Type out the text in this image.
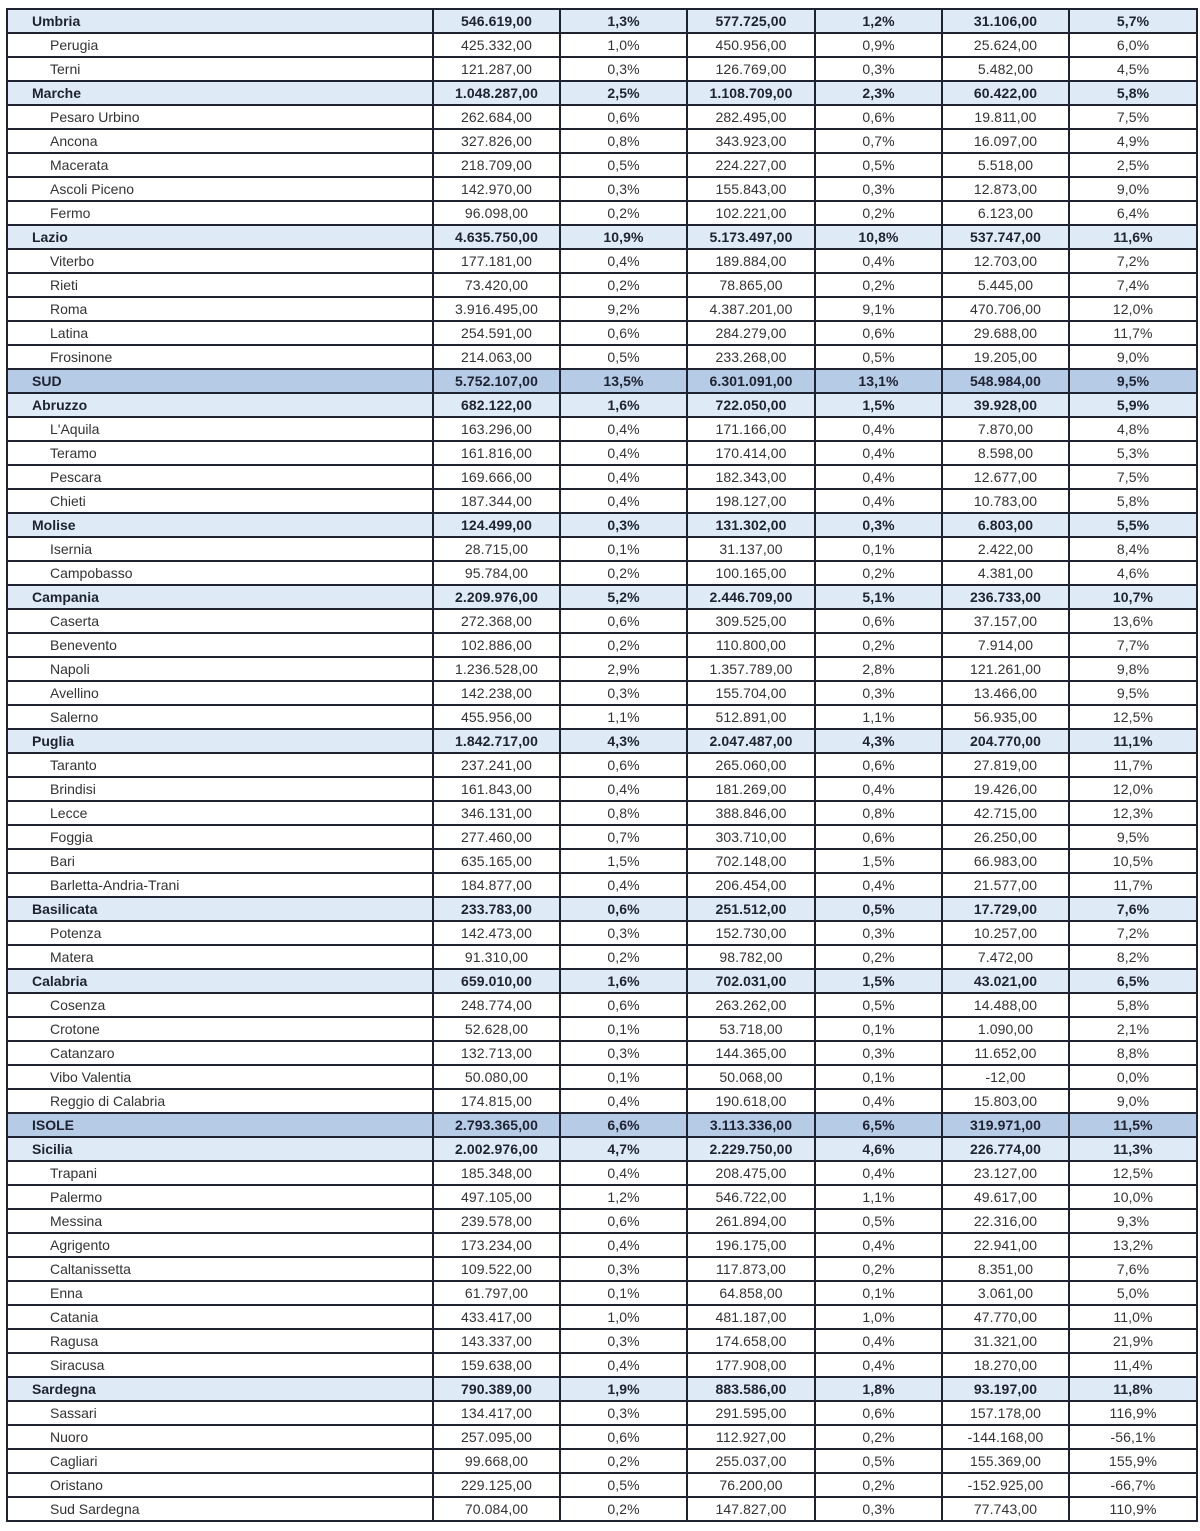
Umbria	546.619,00	1,3%	577.725,00	1,2%	31.106,00	5,7%
Perugia	425.332,00	1,0%	450.956,00	0,9%	25.624,00	6,0%
Terni	121.287,00	0,3%	126.769,00	0,3%	5.482,00	4,5%
Marche	1.048.287,00	2,5%	1.108.709,00	2,3%	60.422,00	5,8%
Pesaro Urbino	262.684,00	0,6%	282.495,00	0,6%	19.811,00	7,5%
Ancona	327.826,00	0,8%	343.923,00	0,7%	16.097,00	4,9%
Macerata	218.709,00	0,5%	224.227,00	0,5%	5.518,00	2,5%
Ascoli Piceno	142.970,00	0,3%	155.843,00	0,3%	12.873,00	9,0%
Fermo	96.098,00	0,2%	102.221,00	0,2%	6.123,00	6,4%
Lazio	4.635.750,00	10,9%	5.173.497,00	10,8%	537.747,00	11,6%
Viterbo	177.181,00	0,4%	189.884,00	0,4%	12.703,00	7,2%
Rieti	73.420,00	0,2%	78.865,00	0,2%	5.445,00	7,4%
Roma	3.916.495,00	9,2%	4.387.201,00	9,1%	470.706,00	12,0%
Latina	254.591,00	0,6%	284.279,00	0,6%	29.688,00	11,7%
Frosinone	214.063,00	0,5%	233.268,00	0,5%	19.205,00	9,0%
SUD	5.752.107,00	13,5%	6.301.091,00	13,1%	548.984,00	9,5%
Abruzzo	682.122,00	1,6%	722.050,00	1,5%	39.928,00	5,9%
L'Aquila	163.296,00	0,4%	171.166,00	0,4%	7.870,00	4,8%
Teramo	161.816,00	0,4%	170.414,00	0,4%	8.598,00	5,3%
Pescara	169.666,00	0,4%	182.343,00	0,4%	12.677,00	7,5%
Chieti	187.344,00	0,4%	198.127,00	0,4%	10.783,00	5,8%
Molise	124.499,00	0,3%	131.302,00	0,3%	6.803,00	5,5%
Isernia	28.715,00	0,1%	31.137,00	0,1%	2.422,00	8,4%
Campobasso	95.784,00	0,2%	100.165,00	0,2%	4.381,00	4,6%
Campania	2.209.976,00	5,2%	2.446.709,00	5,1%	236.733,00	10,7%
Caserta	272.368,00	0,6%	309.525,00	0,6%	37.157,00	13,6%
Benevento	102.886,00	0,2%	110.800,00	0,2%	7.914,00	7,7%
Napoli	1.236.528,00	2,9%	1.357.789,00	2,8%	121.261,00	9,8%
Avellino	142.238,00	0,3%	155.704,00	0,3%	13.466,00	9,5%
Salerno	455.956,00	1,1%	512.891,00	1,1%	56.935,00	12,5%
Puglia	1.842.717,00	4,3%	2.047.487,00	4,3%	204.770,00	11,1%
Taranto	237.241,00	0,6%	265.060,00	0,6%	27.819,00	11,7%
Brindisi	161.843,00	0,4%	181.269,00	0,4%	19.426,00	12,0%
Lecce	346.131,00	0,8%	388.846,00	0,8%	42.715,00	12,3%
Foggia	277.460,00	0,7%	303.710,00	0,6%	26.250,00	9,5%
Bari	635.165,00	1,5%	702.148,00	1,5%	66.983,00	10,5%
Barletta-Andria-Trani	184.877,00	0,4%	206.454,00	0,4%	21.577,00	11,7%
Basilicata	233.783,00	0,6%	251.512,00	0,5%	17.729,00	7,6%
Potenza	142.473,00	0,3%	152.730,00	0,3%	10.257,00	7,2%
Matera	91.310,00	0,2%	98.782,00	0,2%	7.472,00	8,2%
Calabria	659.010,00	1,6%	702.031,00	1,5%	43.021,00	6,5%
Cosenza	248.774,00	0,6%	263.262,00	0,5%	14.488,00	5,8%
Crotone	52.628,00	0,1%	53.718,00	0,1%	1.090,00	2,1%
Catanzaro	132.713,00	0,3%	144.365,00	0,3%	11.652,00	8,8%
Vibo Valentia	50.080,00	0,1%	50.068,00	0,1%	-12,00	0,0%
Reggio di Calabria	174.815,00	0,4%	190.618,00	0,4%	15.803,00	9,0%
ISOLE	2.793.365,00	6,6%	3.113.336,00	6,5%	319.971,00	11,5%
Sicilia	2.002.976,00	4,7%	2.229.750,00	4,6%	226.774,00	11,3%
Trapani	185.348,00	0,4%	208.475,00	0,4%	23.127,00	12,5%
Palermo	497.105,00	1,2%	546.722,00	1,1%	49.617,00	10,0%
Messina	239.578,00	0,6%	261.894,00	0,5%	22.316,00	9,3%
Agrigento	173.234,00	0,4%	196.175,00	0,4%	22.941,00	13,2%
Caltanissetta	109.522,00	0,3%	117.873,00	0,2%	8.351,00	7,6%
Enna	61.797,00	0,1%	64.858,00	0,1%	3.061,00	5,0%
Catania	433.417,00	1,0%	481.187,00	1,0%	47.770,00	11,0%
Ragusa	143.337,00	0,3%	174.658,00	0,4%	31.321,00	21,9%
Siracusa	159.638,00	0,4%	177.908,00	0,4%	18.270,00	11,4%
Sardegna	790.389,00	1,9%	883.586,00	1,8%	93.197,00	11,8%
Sassari	134.417,00	0,3%	291.595,00	0,6%	157.178,00	116,9%
Nuoro	257.095,00	0,6%	112.927,00	0,2%	-144.168,00	-56,1%
Cagliari	99.668,00	0,2%	255.037,00	0,5%	155.369,00	155,9%
Oristano	229.125,00	0,5%	76.200,00	0,2%	-152.925,00	-66,7%
Sud Sardegna	70.084,00	0,2%	147.827,00	0,3%	77.743,00	110,9%
